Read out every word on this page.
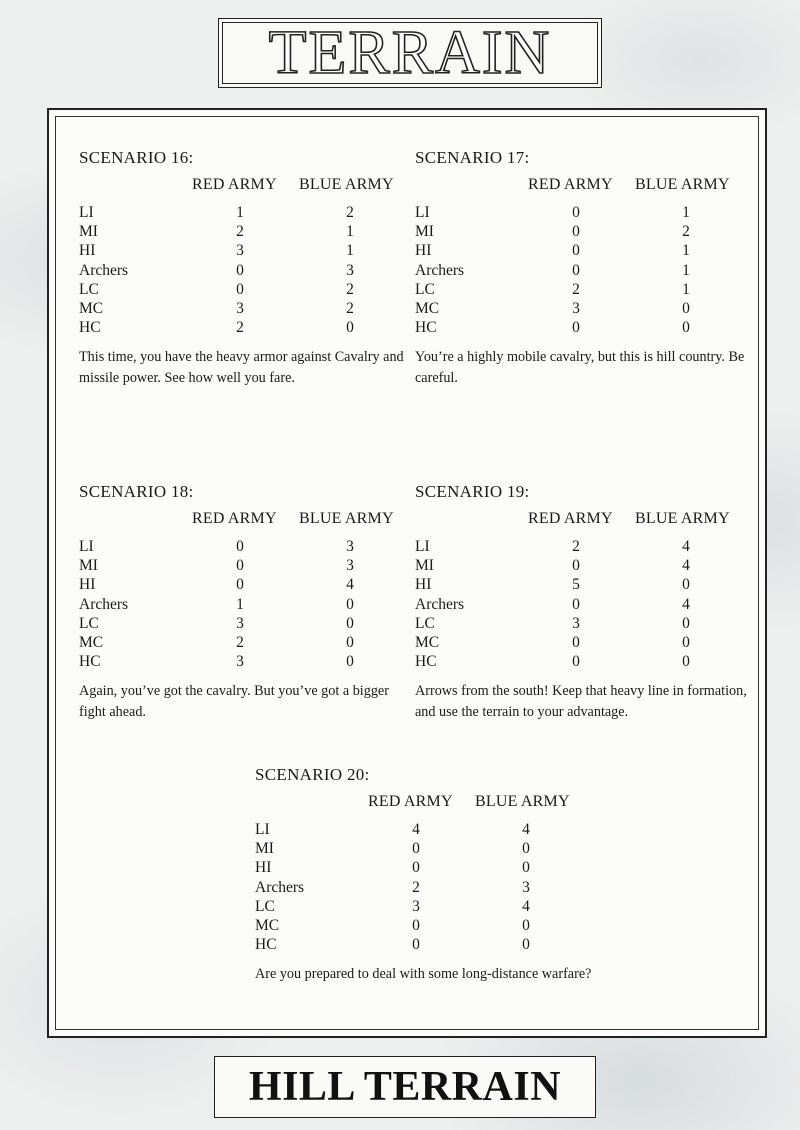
TERRAIN
SCENARIO 16:
RED ARMY BLUE ARMY
LI	1	2
MI	2	1
HI	3	1
Archers	0	3
LC	0	2
MC	3	2
HC	2	0
This time, you have the heavy armor against Cavalry and missile power. See how well you fare.
SCENARIO 17:
RED ARMY BLUE ARMY
LI	0	1
MI	0	2
HI	0	1
Archers	0	1
LC	2	1
MC	3	0
HC	0	0
You’re a highly mobile cavalry, but this is hill country. Be careful.
SCENARIO 18:
RED ARMY BLUE ARMY
LI	0	3
MI	0	3
HI	0	4
Archers	1	0
LC	3	0
MC	2	0
HC	3	0
Again, you’ve got the cavalry. But you’ve got a bigger fight ahead.
SCENARIO 19:
RED ARMY BLUE ARMY
LI	2	4
MI	0	4
HI	5	0
Archers	0	4
LC	3	0
MC	0	0
HC	0	0
Arrows from the south! Keep that heavy line in formation, and use the terrain to your advantage.
SCENARIO 20:
RED ARMY BLUE ARMY
LI	4	4
MI	0	0
HI	0	0
Archers	2	3
LC	3	4
MC	0	0
HC	0	0
Are you prepared to deal with some long-distance warfare?
HILL TERRAIN
